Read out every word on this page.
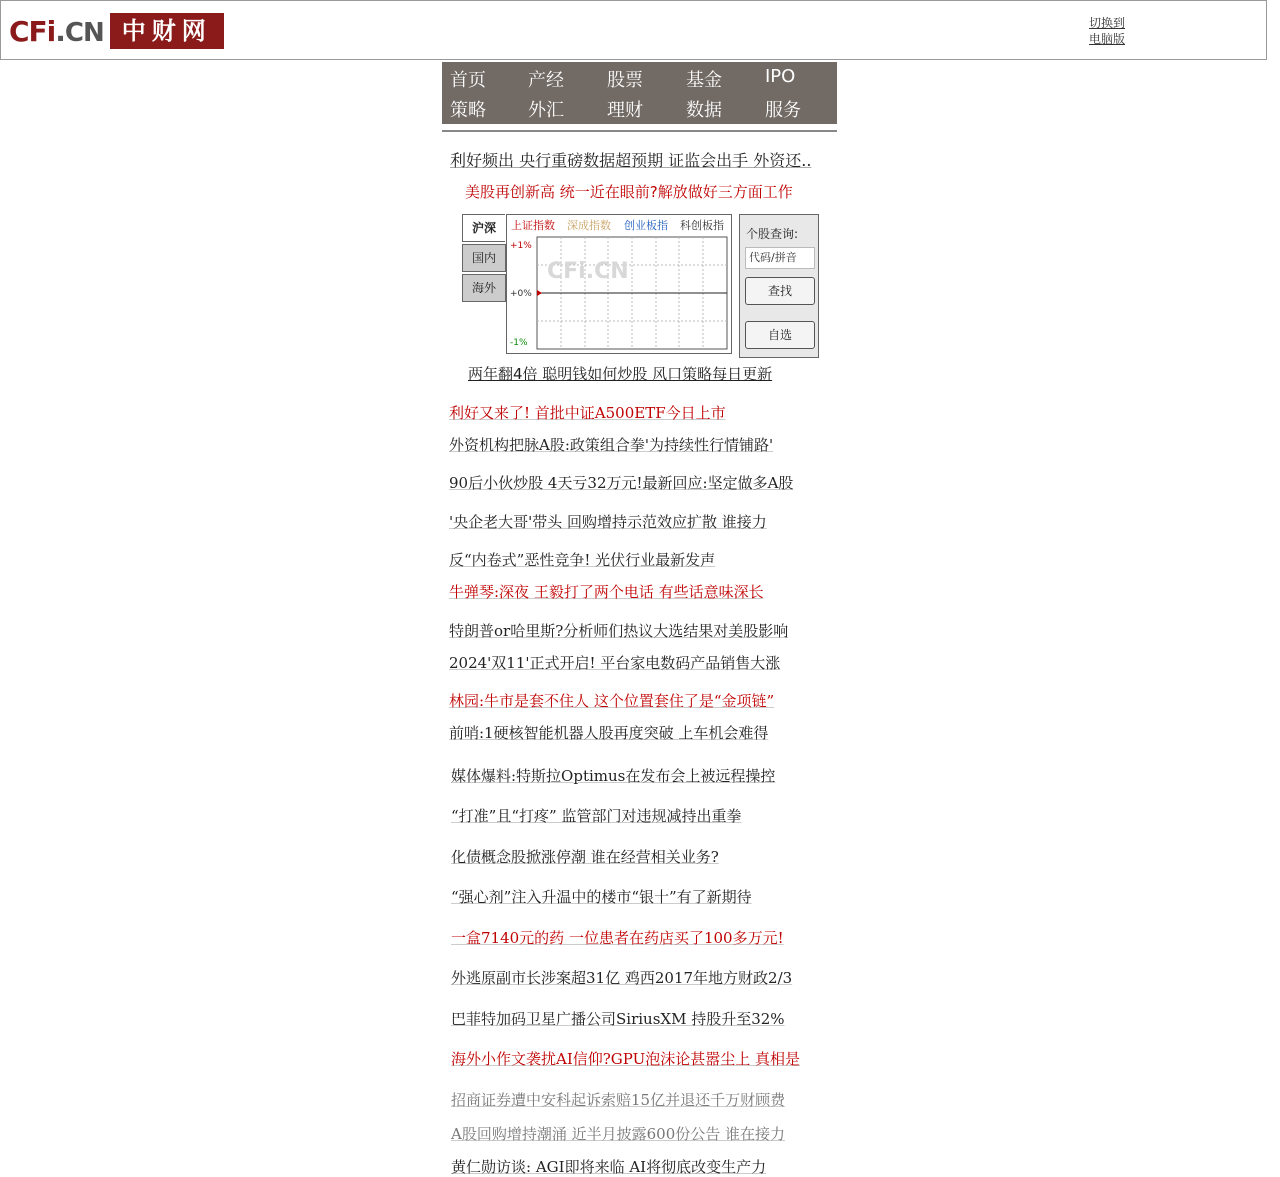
CFi.CN 中财网	切换到
电脑版
首页 产经 股票 基金 IPO
策略 外汇 理财 数据 服务
利好频出 央行重磅数据超预期 证监会出手 外资还..
美股再创新高 统一近在眼前?解放做好三方面工作
沪深
国内
海外
上证指数 深成指数 创业板指 科创板指
+1%
+0%
-1%
CFi.CN
个股查询:
代码/拼音
查找
自选
两年翻4倍 聪明钱如何炒股 风口策略每日更新
利好又来了! 首批中证A500ETF今日上市
外资机构把脉A股:政策组合拳'为持续性行情铺路'
90后小伙炒股 4天亏32万元!最新回应:坚定做多A股
'央企老大哥'带头 回购增持示范效应扩散 谁接力
反“内卷式”恶性竞争! 光伏行业最新发声
牛弹琴:深夜 王毅打了两个电话 有些话意味深长
特朗普or哈里斯?分析师们热议大选结果对美股影响
2024'双11'正式开启! 平台家电数码产品销售大涨
林园:牛市是套不住人 这个位置套住了是“金项链”
前哨:1硬核智能机器人股再度突破 上车机会难得
媒体爆料:特斯拉Optimus在发布会上被远程操控
“打准”且“打疼” 监管部门对违规减持出重拳
化债概念股掀涨停潮 谁在经营相关业务?
“强心剂”注入升温中的楼市“银十”有了新期待
一盒7140元的药 一位患者在药店买了100多万元!
外逃原副市长涉案超31亿 鸡西2017年地方财政2/3
巴菲特加码卫星广播公司SiriusXM 持股升至32%
海外小作文袭扰AI信仰?GPU泡沫论甚嚣尘上 真相是
招商证券遭中安科起诉索赔15亿并退还千万财顾费
A股回购增持潮涌 近半月披露600份公告 谁在接力
黄仁勋访谈: AGI即将来临 AI将彻底改变生产力
